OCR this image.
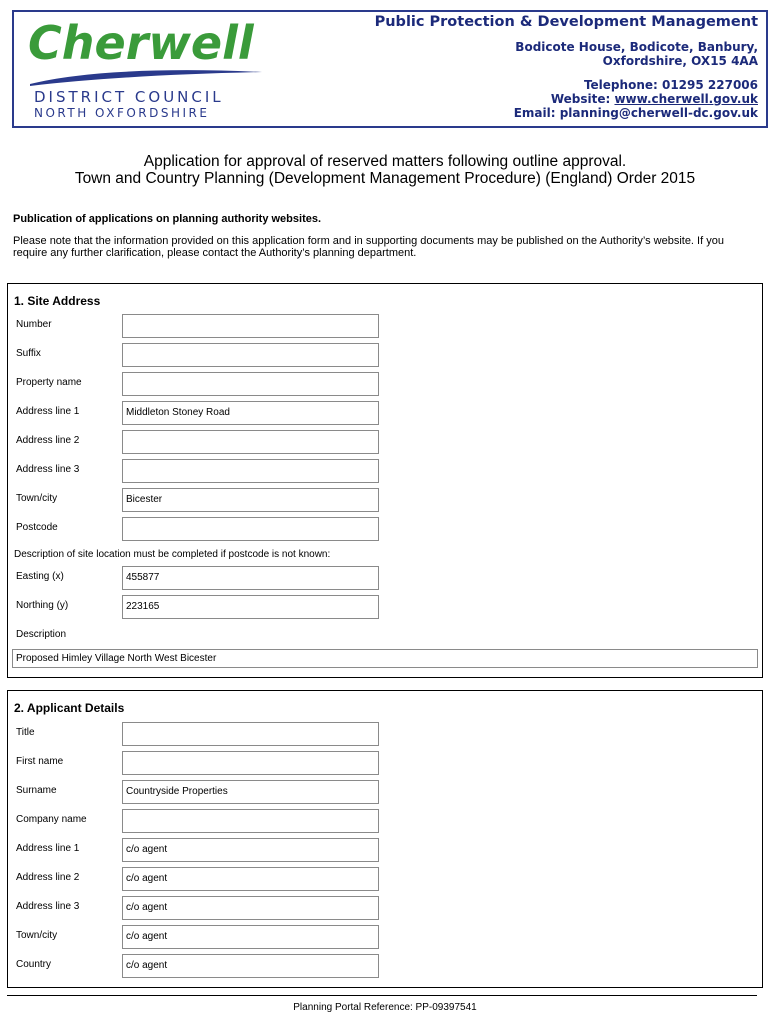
Cherwell
DISTRICT COUNCIL
NORTH OXFORDSHIRE
Public Protection & Development Management
Bodicote House, Bodicote, Banbury,
Oxfordshire, OX15 4AA
Telephone: 01295 227006
Website: www.cherwell.gov.uk
Email: planning@cherwell-dc.gov.uk
Application for approval of reserved matters following outline approval.
Town and Country Planning (Development Management Procedure) (England) Order 2015
Publication of applications on planning authority websites.
Please note that the information provided on this application form and in supporting documents may be published on the Authority’s website. If you require any further clarification, please contact the Authority’s planning department.
1. Site Address
Number
Suffix
Property name
Address line 1	Middleton Stoney Road
Address line 2
Address line 3
Town/city	Bicester
Postcode
Description of site location must be completed if postcode is not known:
Easting (x)	455877
Northing (y)	223165
Description
Proposed Himley Village North West Bicester
2. Applicant Details
Title
First name
Surname	Countryside Properties
Company name
Address line 1	c/o agent
Address line 2	c/o agent
Address line 3	c/o agent
Town/city	c/o agent
Country	c/o agent
Planning Portal Reference: PP-09397541
